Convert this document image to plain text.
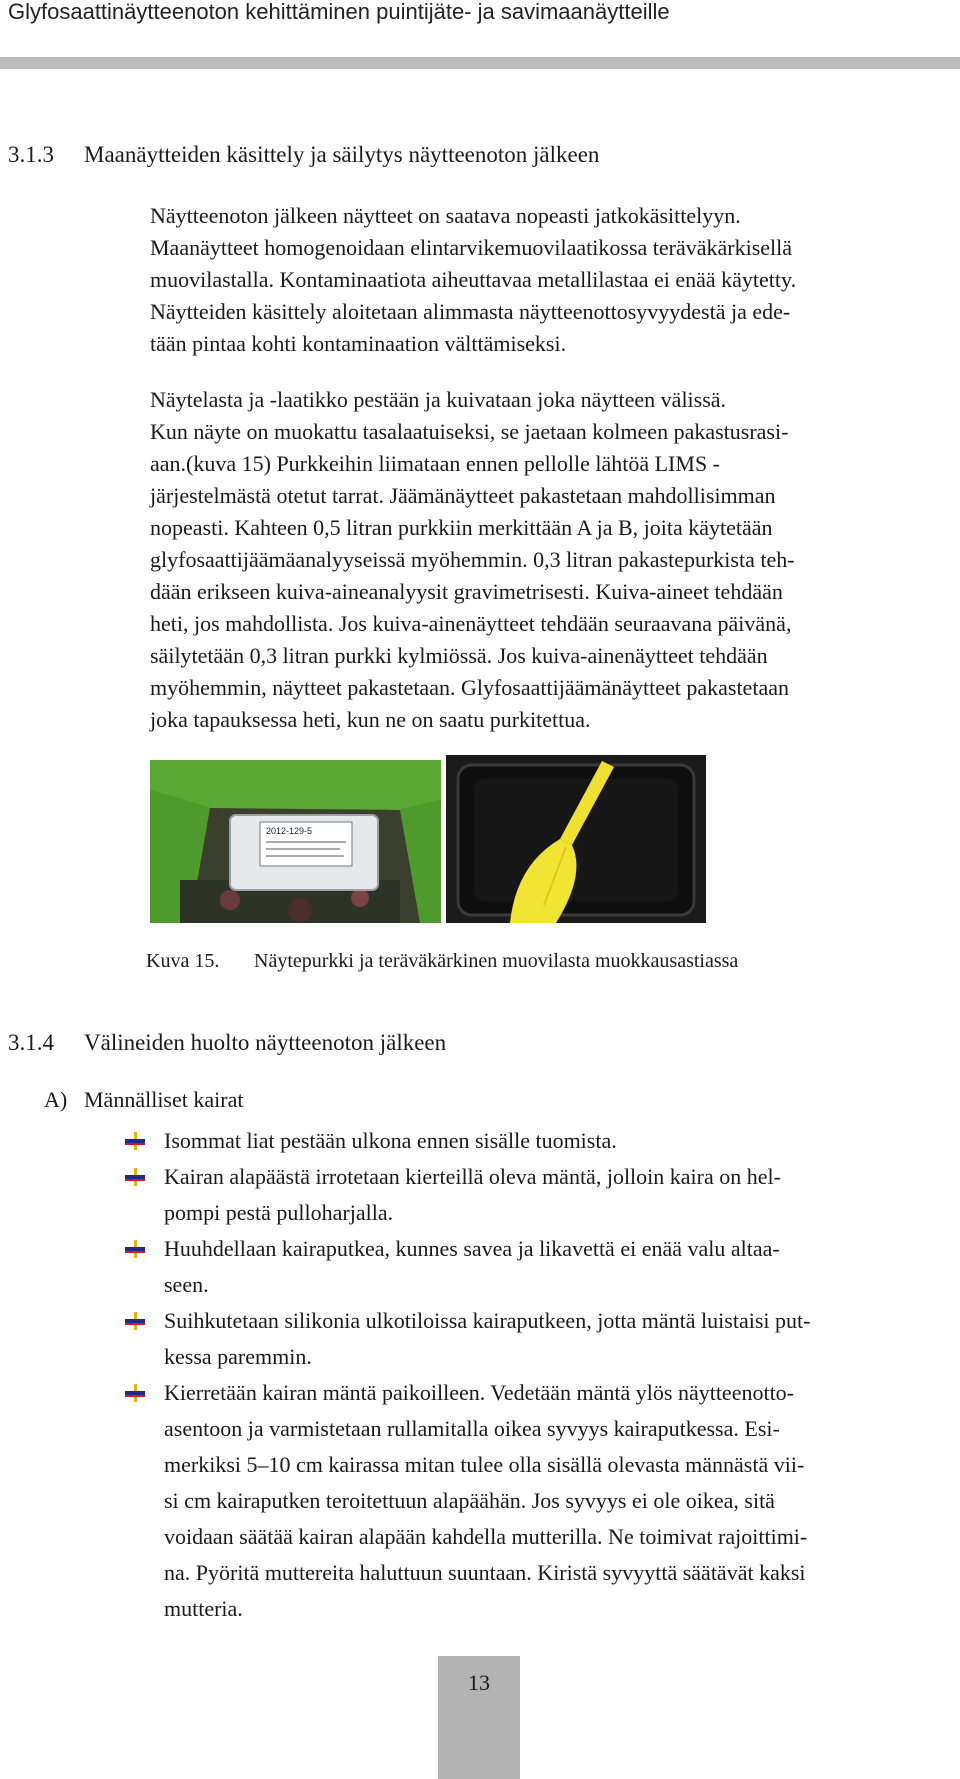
Glyfosaattinäytteenoton kehittäminen puintijäte- ja savimaanäytteille
3.1.3 Maanäytteiden käsittely ja säilytys näytteenoton jälkeen

Näytteenoton jälkeen näytteet on saatava nopeasti jatkokäsittelyyn.

Maanäytteet homogenoidaan elintarvikemuovilaatikossa teräväkärkisellä

muovilastalla. Kontaminaatiota aiheuttavaa metallilastaa ei enää käytetty.

Näytteiden käsittely aloitetaan alimmasta näytteenottosyvyydestä ja ede-

tään pintaa kohti kontaminaation välttämiseksi.

Näytelasta ja -laatikko pestään ja kuivataan joka näytteen välissä.

Kun näyte on muokattu tasalaatuiseksi, se jaetaan kolmeen pakastusrasi-

aan.(kuva 15) Purkkeihin liimataan ennen pellolle lähtöä LIMS -

järjestelmästä otetut tarrat. Jäämänäytteet pakastetaan mahdollisimman

nopeasti. Kahteen 0,5 litran purkkiin merkittään A ja B, joita käytetään

glyfosaattijäämäanalyyseissä myöhemmin. 0,3 litran pakastepurkista teh-

dään erikseen kuiva-aineanalyysit gravimetrisesti. Kuiva-aineet tehdään

heti, jos mahdollista. Jos kuiva-ainenäytteet tehdään seuraavana päivänä,

säilytetään 0,3 litran purkki kylmiössä. Jos kuiva-ainenäytteet tehdään

myöhemmin, näytteet pakastetaan. Glyfosaattijäämänäytteet pakastetaan

joka tapauksessa heti, kun ne on saatu purkitettua.

2012-129-5
Kuva 15. Näytepurkki ja teräväkärkinen muovilasta muokkausastiassa
3.1.4 Välineiden huolto näytteenoton jälkeen
A) Männälliset kairat
Isommat liat pestään ulkona ennen sisälle tuomista.
Kairan alapäästä irrotetaan kierteillä oleva mäntä, jolloin kaira on hel-
pompi pestä pulloharjalla.
Huuhdellaan kairaputkea, kunnes savea ja likavettä ei enää valu altaa-
seen.
Suihkutetaan silikonia ulkotiloissa kairaputkeen, jotta mäntä luistaisi put-
kessa paremmin.
Kierretään kairan mäntä paikoilleen. Vedetään mäntä ylös näytteenotto-
asentoon ja varmistetaan rullamitalla oikea syvyys kairaputkessa. Esi-
merkiksi 5–10 cm kairassa mitan tulee olla sisällä olevasta männästä vii-
si cm kairaputken teroitettuun alapäähän. Jos syvyys ei ole oikea, sitä
voidaan säätää kairan alapään kahdella mutterilla. Ne toimivat rajoittimi-
na. Pyöritä muttereita haluttuun suuntaan. Kiristä syvyyttä säätävät kaksi
mutteria.
13
